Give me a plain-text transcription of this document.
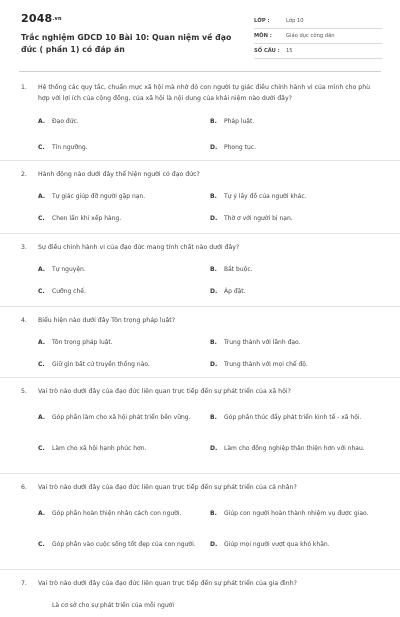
2048.vn
Trắc nghiệm GDCD 10 Bài 10: Quan niệm về đạo đức ( phần 1) có đáp án
LỚP :	Lớp 10
MÔN :	Giáo dục công dân
SỐ CÂU :	15
1.	Hệ thống các quy tắc, chuẩn mực xã hội mà nhờ đó con người tự giác điều chỉnh hành vi của mình cho phù hợp với lợi ích của cộng đồng, của xã hội là nội dung của khái niệm nào dưới đây?
A.	Đạo đức.	B.	Pháp luật.
C.	Tín ngưỡng.	D.	Phong tục.
2.	Hành động nào dưới đây thể hiện người có đạo đức?
A.	Tự giác giúp đỡ người gặp nạn.	B.	Tự ý lấy đồ của người khác.
C.	Chen lấn khi xếp hàng.	D.	Thờ ơ với người bị nạn.
3.	Sự điều chỉnh hành vi của đạo đức mang tính chất nào dưới đây?
A.	Tự nguyện.	B.	Bắt buộc.
C.	Cưỡng chế.	D.	Áp đặt.
4.	Biểu hiện nào dưới đây Tôn trọng pháp luật?
A.	Tôn trọng pháp luật.	B.	Trung thành với lãnh đạo.
C.	Giữ gìn bất cứ truyền thống nào.	D.	Trung thành với mọi chế độ.
5.	Vai trò nào dưới đây của đạo đức liên quan trực tiếp đến sự phát triển của xã hội?
A.	Góp phần làm cho xã hội phát triển bền vững.	B.	Góp phần thúc đẩy phát triển kinh tế - xã hội.
C.	Làm cho xã hội hạnh phúc hơn.	D.	Làm cho đồng nghiệp thân thiện hơn với nhau.
6.	Vai trò nào dưới đây của đạo đức liên quan trực tiếp đến sự phát triển của cá nhân?
A.	Góp phần hoàn thiện nhân cách con người.	B.	Giúp con người hoàn thành nhiệm vụ được giao.
C.	Góp phần vào cuộc sống tốt đẹp của con người.	D.	Giúp mọi người vượt qua khó khăn.
7.	Vai trò nào dưới đây của đạo đức liên quan trực tiếp đến sự phát triển của gia đình?
Là cơ sở cho sự phát triển của mỗi người
